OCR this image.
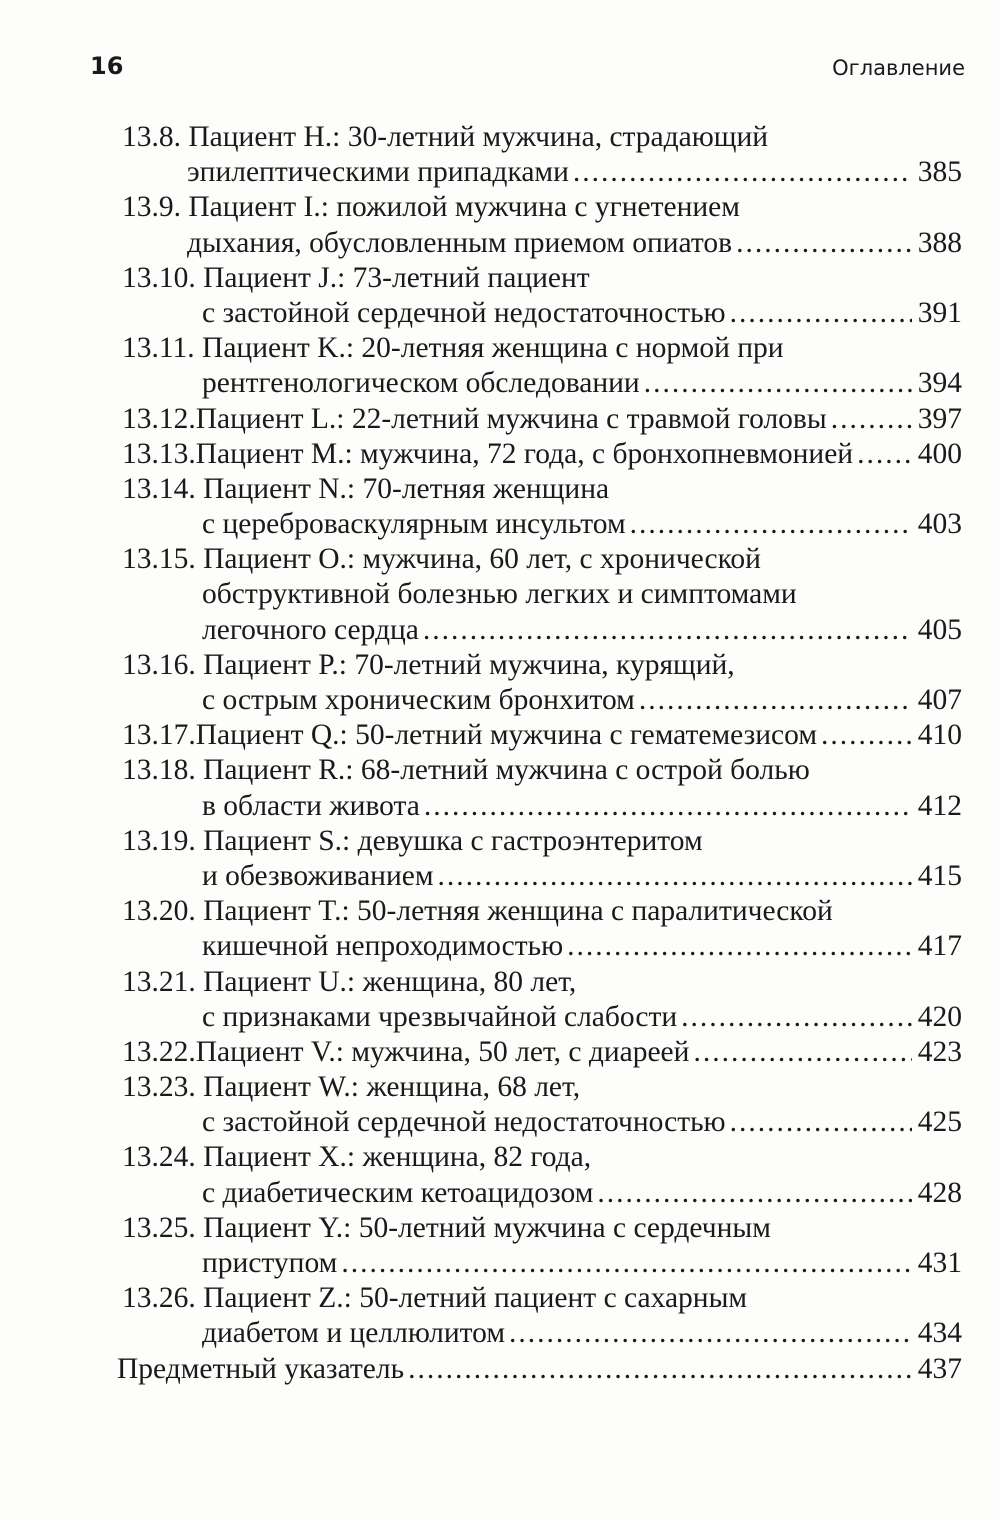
16	Оглавление
13.8. Пациент H.: 30-летний мужчина, страдающий
эпилептическими припадками .....	385
13.9. Пациент I.: пожилой мужчина с угнетением
дыхания, обусловленным приемом опиатов .....	388
13.10. Пациент J.: 73-летний пациент
с застойной сердечной недостаточностью .....	391
13.11. Пациент K.: 20-летняя женщина с нормой при
рентгенологическом обследовании .....	394
13.12. Пациент L.: 22-летний мужчина с травмой головы .....	397
13.13. Пациент M.: мужчина, 72 года, с бронхопневмонией ..... 400
13.14. Пациент N.: 70-летняя женщина
с цереброваскулярным инсультом .....	403
13.15. Пациент O.: мужчина, 60 лет, с хронической
обструктивной болезнью легких и симптомами
легочного сердца .....	405
13.16. Пациент P.: 70-летний мужчина, курящий,
с острым хроническим бронхитом .....	407
13.17. Пациент Q.: 50-летний мужчина с гематемезисом .....	410
13.18. Пациент R.: 68-летний мужчина с острой болью
в области живота .....	412
13.19. Пациент S.: девушка с гастроэнтеритом
и обезвоживанием .....	415
13.20. Пациент T.: 50-летняя женщина с паралитической
кишечной непроходимостью .....	417
13.21. Пациент U.: женщина, 80 лет,
с признаками чрезвычайной слабости .....	420
13.22. Пациент V.: мужчина, 50 лет, с диареей .....	423
13.23. Пациент W.: женщина, 68 лет,
с застойной сердечной недостаточностью .....	425
13.24. Пациент X.: женщина, 82 года,
с диабетическим кетоацидозом .....	428
13.25. Пациент Y.: 50-летний мужчина с сердечным
приступом .....	431
13.26. Пациент Z.: 50-летний пациент с сахарным
диабетом и целлюлитом .....	434
Предметный указатель .....	437
